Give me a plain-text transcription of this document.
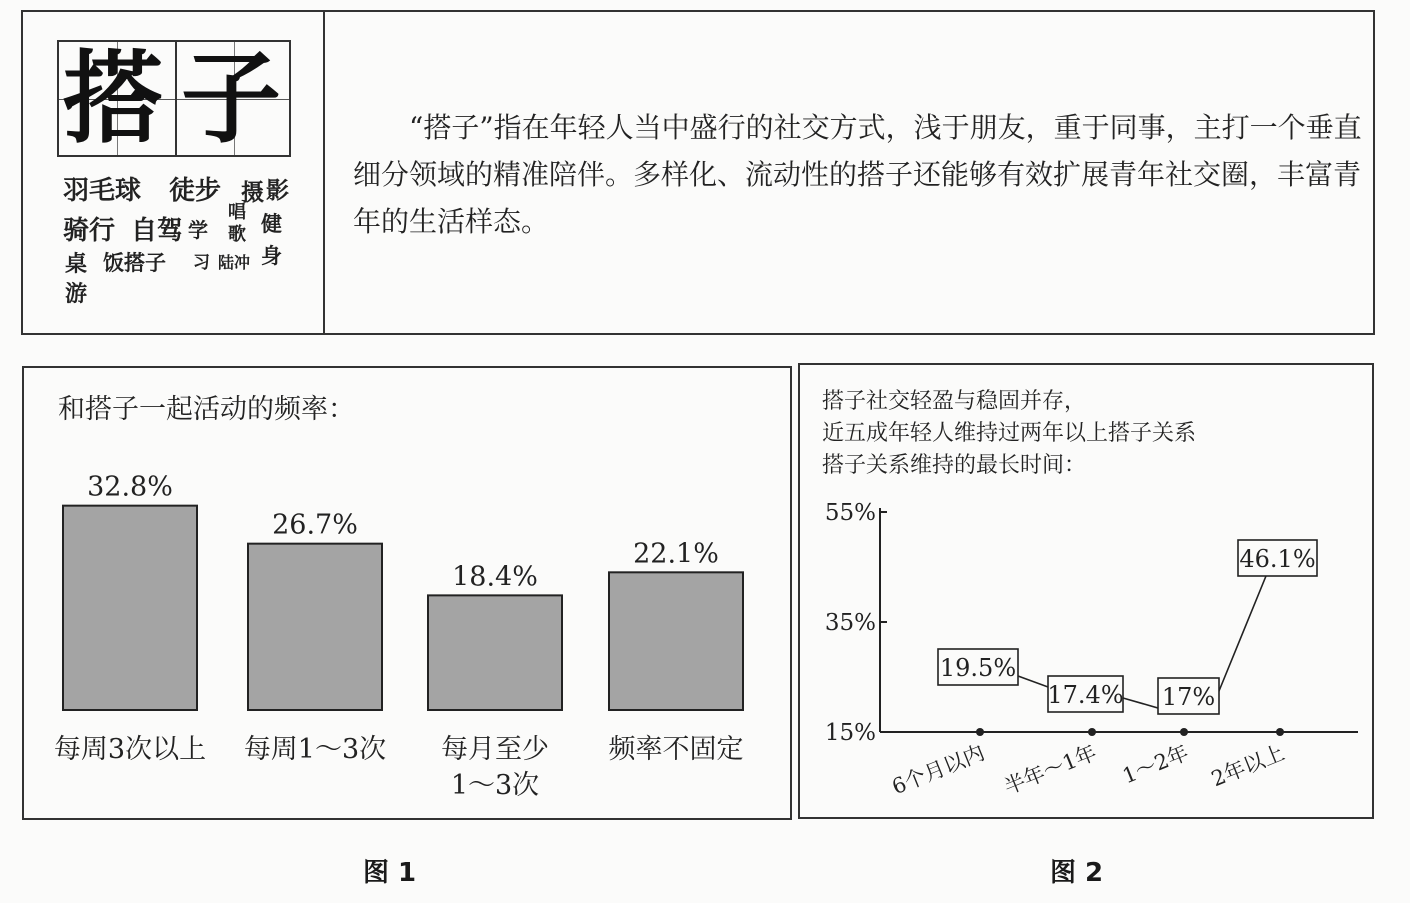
搭 子
羽毛球 徒步 摄 影
骑行 自驾 学
习
唱
歌 健
身
陆冲
桌
游
饭搭子
“搭子”指在年轻人当中盛行的社交方式，浅于朋友，重于同事，主打一个垂直细分领域的精准陪伴。多样化、流动性的搭子还能够有效扩展青年社交圈，丰富青年的生活样态。
和搭子一起活动的频率：
32.8%
每周3次以上
26.7%
每周1～3次
18.4%
每月至少
1～3次
22.1%
频率不固定
图 1
搭子社交轻盈与稳固并存，
近五成年轻人维持过两年以上搭子关系
搭子关系维持的最长时间：
15%
35%
55%
6个月以内 半年～1年 1～2年 2年以上
19.5%
17.4% 17%
46.1%
图 2
